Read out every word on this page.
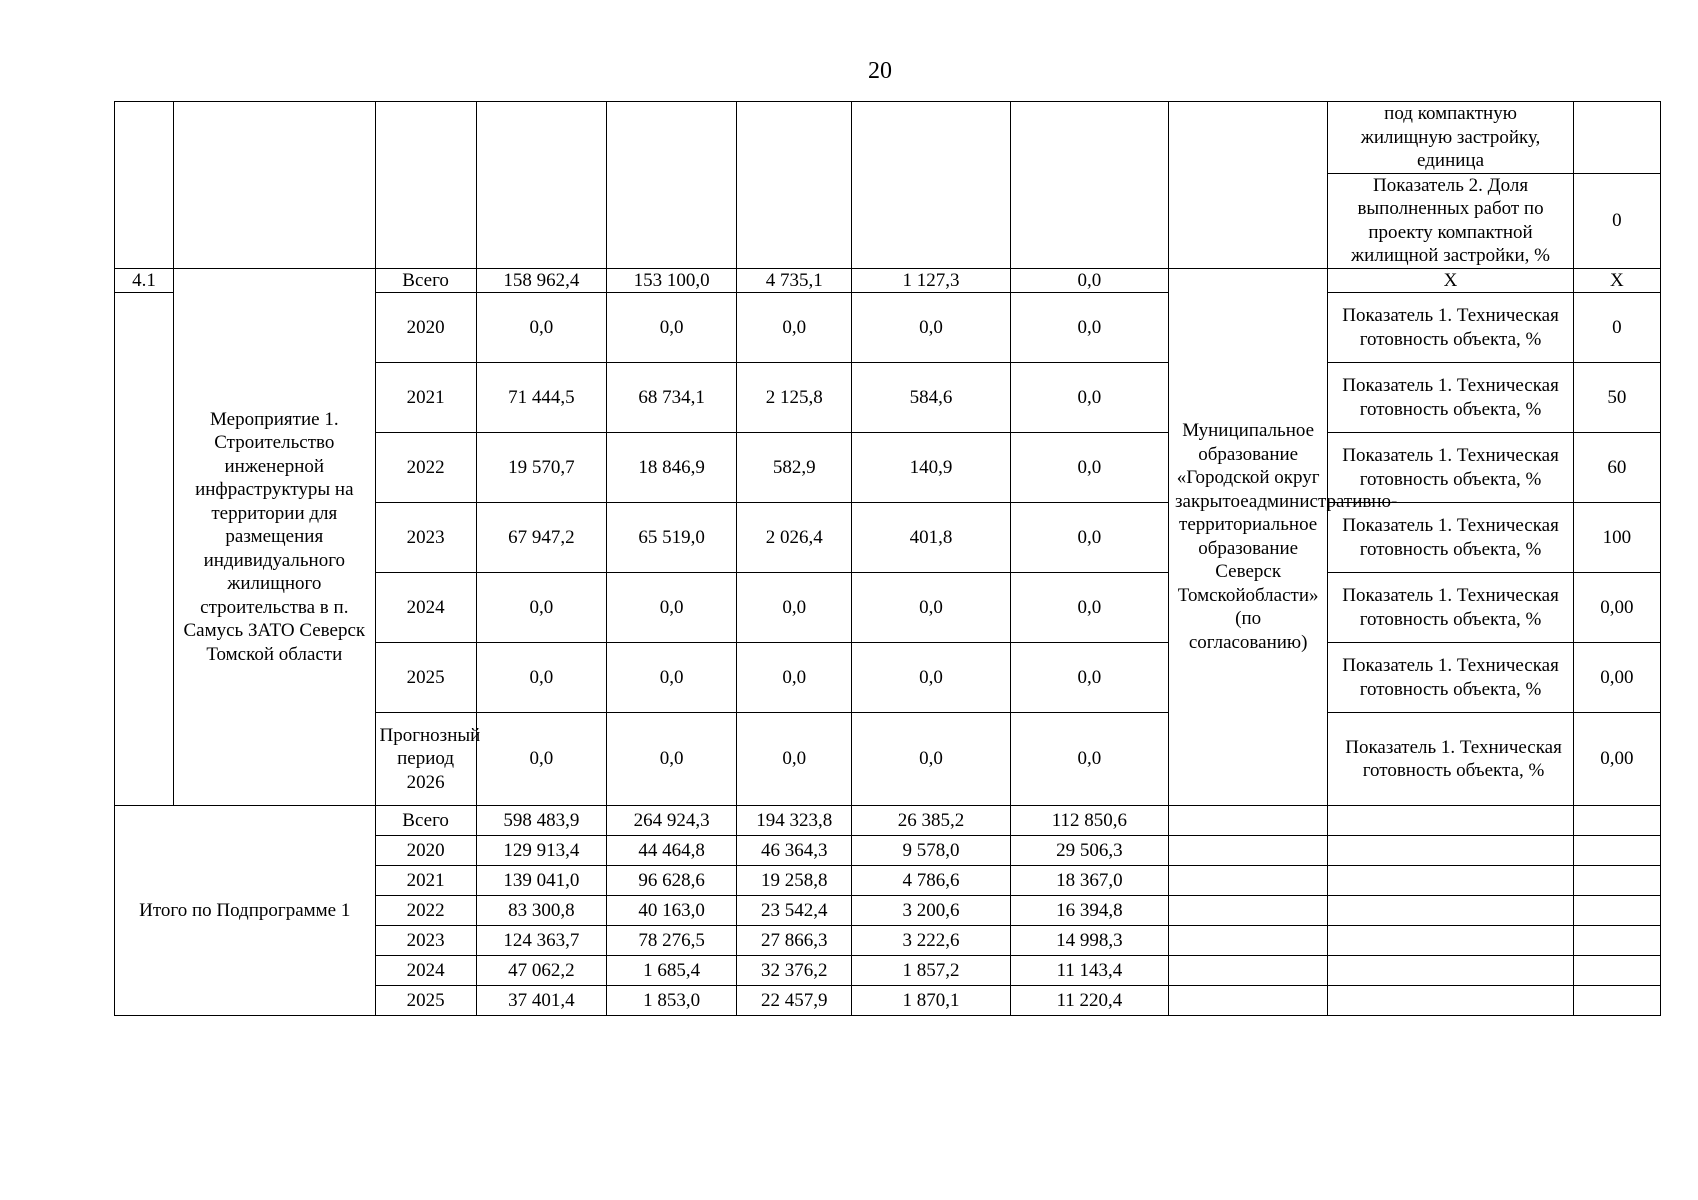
20
									под компактную жилищную застройку, единица	
									Показатель 2. Доля выполненных работ по проекту компактной жилищной застройки, %	0
4.1	Мероприятие 1. Строительство инженерной инфраструктуры на территории для размещения индивидуального жилищного строительства в п. Самусь ЗАТО Северск Томской области	Всего	158 962,4	153 100,0	4 735,1	1 127,3	0,0	Муниципальное образование «Городской округ закрытоеадминистративно-территориальное образование Северск Томскойобласти» (по согласованию)	X	X
		2020	0,0	0,0	0,0	0,0	0,0		Показатель 1. Техническая готовность объекта, %	0
		2021	71 444,5	68 734,1	2 125,8	584,6	0,0		Показатель 1. Техническая готовность объекта, %	50
		2022	19 570,7	18 846,9	582,9	140,9	0,0		Показатель 1. Техническая готовность объекта, %	60
		2023	67 947,2	65 519,0	2 026,4	401,8	0,0		Показатель 1. Техническая готовность объекта, %	100
		2024	0,0	0,0	0,0	0,0	0,0		Показатель 1. Техническая готовность объекта, %	0,00
		2025	0,0	0,0	0,0	0,0	0,0		Показатель 1. Техническая готовность объекта, %	0,00
		Прогнозный период 2026	0,0	0,0	0,0	0,0	0,0		Показатель 1. Техническая готовность объекта, %	0,00
Итого по Подпрограмме 1		Всего	598 483,9	264 924,3	194 323,8	26 385,2	112 850,6			
		2020	129 913,4	44 464,8	46 364,3	9 578,0	29 506,3			
		2021	139 041,0	96 628,6	19 258,8	4 786,6	18 367,0			
		2022	83 300,8	40 163,0	23 542,4	3 200,6	16 394,8			
		2023	124 363,7	78 276,5	27 866,3	3 222,6	14 998,3			
		2024	47 062,2	1 685,4	32 376,2	1 857,2	11 143,4			
		2025	37 401,4	1 853,0	22 457,9	1 870,1	11 220,4			
